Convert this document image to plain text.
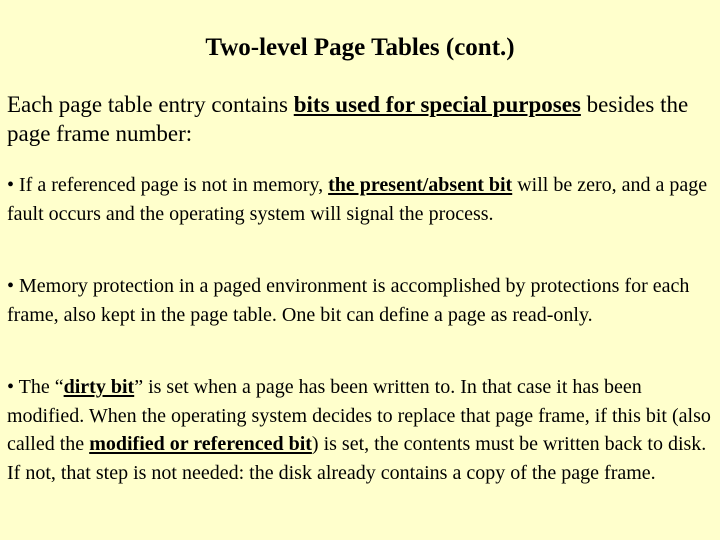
Two-level Page Tables (cont.)
Each page table entry contains bits used for special purposes besides the page frame number:
• If a referenced page is not in memory, the present/absent bit will be zero, and a page fault occurs and the operating system will signal the process.
• Memory protection in a paged environment is accomplished by protections for each frame, also kept in the page table. One bit can define a page as read-only.
• The “dirty bit” is set when a page has been written to. In that case it has been modified. When the operating system decides to replace that page frame, if this bit (also called the modified or referenced bit) is set, the contents must be written back to disk. If not, that step is not needed: the disk already contains a copy of the page frame.
